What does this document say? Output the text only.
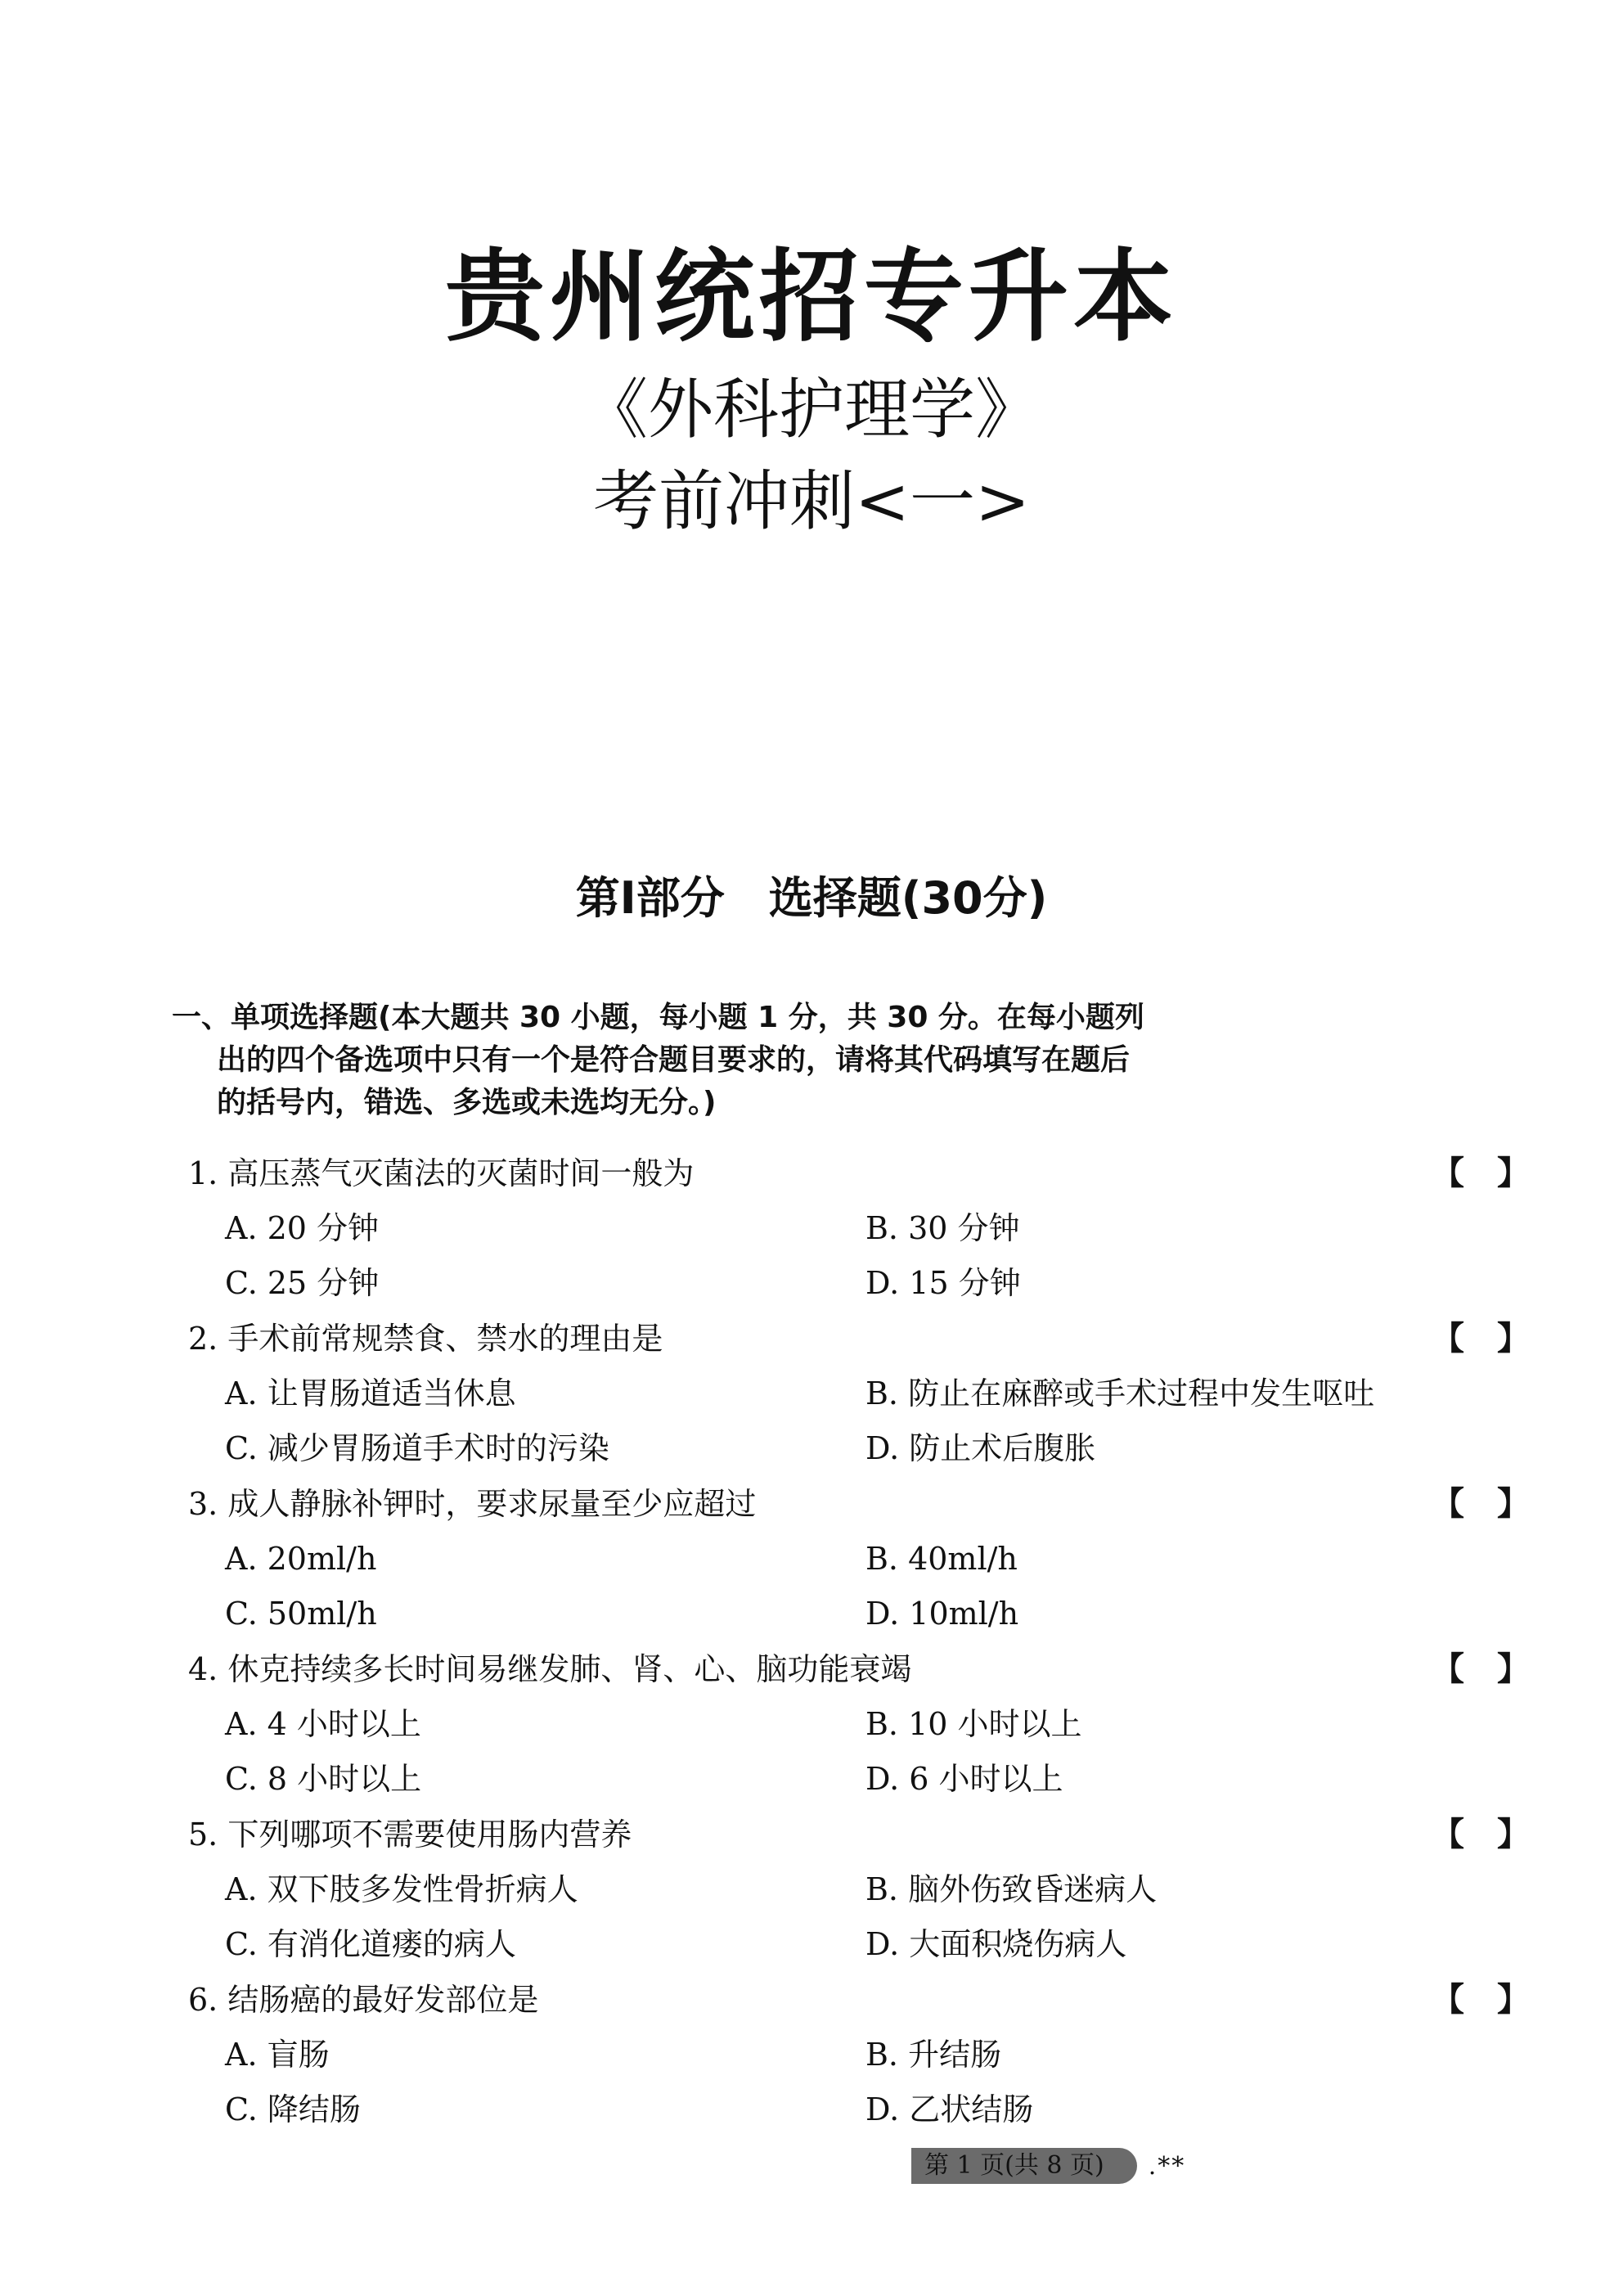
贵州统招专升本
《外科护理学》
考前冲刺<一>
第Ⅰ部分　选择题(30分)
一、单项选择题(本大题共 30 小题，每小题 1 分，共 30 分。在每小题列出的四个备选项中只有一个是符合题目要求的，请将其代码填写在题后的括号内，错选、多选或未选均无分。)
1. 高压蒸气灭菌法的灭菌时间一般为	【 】
A. 20 分钟	B. 30 分钟
C. 25 分钟	D. 15 分钟
2. 手术前常规禁食、禁水的理由是	【 】
A. 让胃肠道适当休息	B. 防止在麻醉或手术过程中发生呕吐
C. 减少胃肠道手术时的污染	D. 防止术后腹胀
3. 成人静脉补钾时，要求尿量至少应超过	【 】
A. 20ml/h	B. 40ml/h
C. 50ml/h	D. 10ml/h
4. 休克持续多长时间易继发肺、肾、心、脑功能衰竭	【 】
A. 4 小时以上	B. 10 小时以上
C. 8 小时以上	D. 6 小时以上
5. 下列哪项不需要使用肠内营养	【 】
A. 双下肢多发性骨折病人	B. 脑外伤致昏迷病人
C. 有消化道瘘的病人	D. 大面积烧伤病人
6. 结肠癌的最好发部位是	【 】
A. 盲肠	B. 升结肠
C. 降结肠	D. 乙状结肠
第 1 页(共 8 页)	.**
